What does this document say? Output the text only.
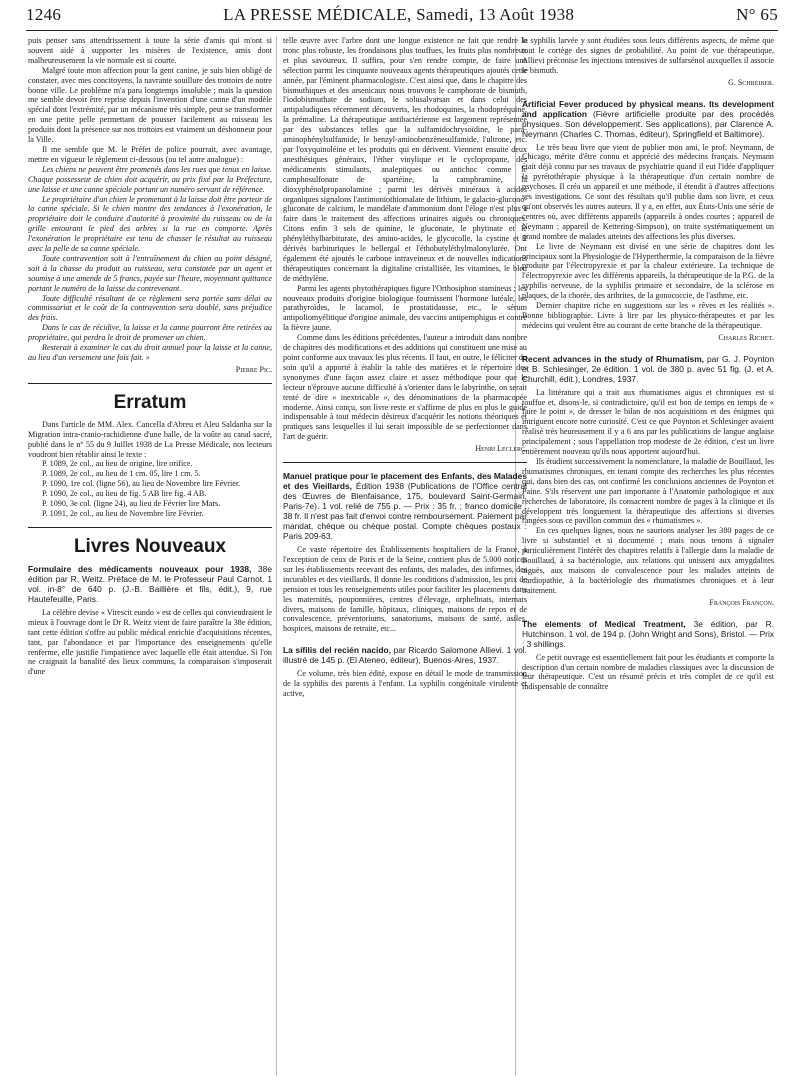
1246	LA PRESSE MÉDICALE, Samedi, 13 Août 1938	N° 65

puis penser sans attendrissement à toute la série d'amis qui m'ont si souvent aidé à supporter les misères de l'existence, amis dont malheureusement la vie normale est si courte.

Malgré toute mon affection pour la gent canine, je suis bien obligé de constater, avec mes concitoyens, la navrante souillure des trottoirs de notre bonne ville. Le problème m'a paru longtemps insoluble ; mais la question me semble devoir être reprise depuis l'invention d'une canne d'un modèle spécial dont l'extrémité, par un mécanisme très simple, peut se transformer en une petite pelle permettant de pousser facilement au ruisseau les produits dont la présence sur nos trottoirs est vraiment un déshonneur pour la Ville.

Il me semble que M. le Préfet de police pourrait, avec avantage, mettre en vigueur le règlement ci-dessous (ou tel autre analogue) :

Les chiens ne peuvent être promenés dans les rues que tenus en laisse. Chaque possesseur de chien doit acquérir, au prix fixé par la Préfecture, une laisse et une canne spéciale portant un numéro servant de référence.

Le propriétaire d'un chien le promenant à la laisse doit être porteur de la canne spéciale. Si le chien montre des tendances à l'exonération, le propriétaire doit le conduire d'autorité à proximité du ruisseau ou de la grille entourant le pied des arbres si la rue en comporte. Après l'exonération le propriétaire est tenu de chasser le résultat au ruisseau avec la pelle de sa canne spéciale.

Toute contravention soit à l'entraînement du chien au point désigné, soit à la chasse du produit au ruisseau, sera constatée par un agent et soumise à une amende de 5 francs, payée sur l'heure, moyennant quittance portant le numéro de la laisse du contrevenant.

Toute difficulté résultant de ce règlement sera portée sans délai au commissariat et le coût de la contravention sera doublé, sans préjudice des frais.

Dans le cas de récidive, la laisse et la canne pourront être retirées au propriétaire, qui perdra le droit de promener un chien.

Resterait à examiner le cas du droit annuel pour la laisse et la canne, au lieu d'un versement une fois fait. »

Pierre Pic.

Erratum

Dans l'article de MM. Alex. Cancella d'Abreu et Aleu Saldanha sur la Migration intra-cranio-rachidienne d'une balle, de la voûte au canal sacré, publié dans le n° 55 du 9 Juillet 1938 de La Presse Médicale, nos lecteurs voudront bien rétablir ainsi le texte :

P. 1089, 2e col., au lieu de origine, lire orifice.

P. 1089, 2e col., au lieu de 1 cm. 05, lire 1 cm. 5.

P. 1090, 1re col. (ligne 56), au lieu de Novembre lire Février.

P. 1090, 2e col., au lieu de fig. 5 AB lire fig. 4 AB.

P. 1090, 3e col. (ligne 24), au lieu de Février lire Mars.

P. 1091, 2e col., au lieu de Novembre lire Février.

Livres Nouveaux
Formulaire des médicaments nouveaux pour 1938, 38e édition par R. Weitz. Préface de M. le Professeur Paul Carnot. 1 vol. in-8° de 640 p. (J.-B. Baillière et fils, édit.), 9, rue Hautefeuille, Paris.

La célèbre devise « Virescit eundo » est de celles qui conviendraient le mieux à l'ouvrage dont le Dr R. Weitz vient de faire paraître la 38e édition, tant cette édition s'offre au public médical enrichie d'acquisitions récentes, tant, par l'abondance et par l'importance des enseignements qu'elle renferme, elle justifie l'impatience avec laquelle elle était attendue. Si l'on ne craignait la banalité des lieux communs, la comparaison s'imposerait d'une

telle œuvre avec l'arbre dont une longue existence ne fait que rendre le tronc plus robuste, les frondaisons plus touffues, les fruits plus nombreux et plus savoureux. Il suffira, pour s'en rendre compte, de faire une sélection parmi les cinquante nouveaux agents thérapeutiques ajoutés cette année, par l'éminent pharmacologiste. C'est ainsi que, dans le chapitre des bismuthiques et des arsenicaux nous trouvons le camphorate de bismuth, l'iodobismuthate de sodium, le solusalvarsan et dans celui des antipaludiques récemment découverts, les rhodoquines, la rhodopréquine, la prémaline. La thérapeutique antibactérienne est largement représentée par des substances telles que la sulfamidochrysoïdine, le para-aminophénylsulfamide, le benzyl-aminobenzènesulfamide, l'ultrone, etc. par l'oxyquinoléine et les produits qui en dérivent. Viennent ensuite deux anesthésiques généraux, l'éther vinylique et le cyclopropane, des médicaments stimulants, analeptiques ou antichoc comme le camphosulfonate de spartéine, la camphramine, la dioxyphénolpropanolamine ; parmi les dérivés minéraux à acides organiques signalons l'antimoniothiomalate de lithium, le galacto-glucono-gluconate de calcium, le mandélate d'ammonium dont l'éloge n'est plus à faire dans le traitement des affections urinaires aiguës ou chroniques. Citons enfin 3 sels de quinine, le gluconate, le phytinate et le phényléthylbarbiturate, des amino-acides, le glycocolle, la cystine et 2 dérivés barbituriques le bellergal et l'éthobutyléthylmalonylurée. Ont également été ajoutés le carbone intraveineux et de nouvelles indications thérapeutiques concernant la digitaline cristallisée, les vitamines, le bleu de méthylène.

Parmi les agents phytothérapiques figure l'Orthosiphon stamineus ; les nouveaux produits d'origine biologique fournissent l'hormone lutéale, les parathyroïdes, le lacarnol, le prostatidausse, etc., le sérum antipoliomyélitique d'origine animale, des vaccins antipemphigus et contre la fièvre jaune.

Comme dans les éditions précédentes, l'auteur a introduit dans nombre de chapitres des modifications et des additions qui constituent une mise au point conforme aux travaux les plus récents. Il faut, en outre, le féliciter du soin qu'il a apporté à établir la table des matières et le répertoire des synonymes d'une façon assez claire et assez méthodique pour que le lecteur n'éprouve aucune difficulté à s'orienter dans le labyrinthe, on serait tenté de dire « inextricable », des dénominations de la pharmacopée moderne. Ainsi conçu, son livre reste et s'affirme de plus en plus le guide indispensable à tout médecin désireux d'acquérir les notions théoriques et pratiques sans lesquelles il lui serait impossible de se perfectionner dans l'art de guérir.

Henri Leclerc.

Manuel pratique pour le placement des Enfants, des Malades et des Vieillards, Édition 1938 (Publications de l'Office central des Œuvres de Bienfaisance, 175, boulevard Saint-Germain, Paris-7e). 1 vol. relié de 755 p. — Prix : 35 fr. ; franco domicile : 38 fr. Il n'est pas fait d'envoi contre remboursement. Paiement par mandat, chèque ou chèque postal. Compte chèques postaux : Paris 209-63.

Ce vaste répertoire des Établissements hospitaliers de la France, à l'exception de ceux de Paris et de la Seine, contient plus de 5.000 notices sur les établissements recevant des enfants, des malades, des infirmes, des incurables et des vieillards. Il donne les conditions d'admission, les prix de pension et tous les renseignements utiles pour faciliter les placements dans les maternités, pouponnières, centres d'élevage, orphelinats, internats divers, maisons de famille, hôpitaux, cliniques, maisons de repos et de convalescence, préventoriums, sanatoriums, maisons de santé, asiles, hospices, maisons de retraite, etc...

La sífilis del recién nacido, par Ricardo Salomone Allievi. 1 vol. illustré de 145 p. (El Ateneo, éditeur), Buenos-Aires, 1937.

Ce volume, très bien édité, expose en détail le mode de transmission de la syphilis des parents à l'enfant. La syphilis congénitale virulente et active,

la syphilis larvée y sont étudiées sous leurs différents aspects, de même que tout le cortège des signes de probabilité. Au point de vue thérapeutique, Allievi préconise les injections intensives de sulfarsénol auxquelles il associe le bismuth.

G. Schreiber.

Artificial Fever produced by physical means. Its development and application (Fièvre artificielle produite par des procédés physiques. Son développement. Ses applications), par Clarence A. Neymann (Charles C. Thomas, éditeur), Springfield et Baltimore).

Le très beau livre que vient de publier mon ami, le prof. Neymann, de Chicago, mérite d'être connu et apprécié des médecins français. Neymann était déjà connu par ses travaux de psychiatrie quand il eut l'idée d'appliquer la pyrétothérapie physique à la thérapeutique d'un certain nombre de psychoses. Il créa un appareil et une méthode, il étendit à d'autres affections ses investigations. Ce sont des résultats qu'il publie dans son livre, et ceux qu'ont observés les autres auteurs. Il y a, en effet, aux États-Unis une série de centres où, avec différents appareils (appareils à ondes courtes ; appareil de Neymann ; appareil de Kettering-Simpson), on traite systématiquement un grand nombre de malades atteints des affections les plus diverses.

Le livre de Neymann est divisé en une série de chapitres dont les principaux sont la Physiologie de l'Hyperthermie, la comparaison de la fièvre produite par l'électropyrexie et par la chaleur extérieure. La technique de l'électropyrexie avec les différents appareils, la thérapeutique de la P.G. de la syphilis nerveuse, de la syphilis primaire et secondaire, de la sclérose en plaques, de la chorée, des arthrites, de la gonococcie, de l'asthme, etc.

Dernier chapitre riche en suggestions sur les « rêves et les réalités ». Bonne bibliographie. Livre à lire par les physico-thérapeutes et par les médecins qui veulent être au courant de cette branche de la thérapeutique.

Charles Richet.

Recent advances in the study of Rhumatism, par G. J. Poynton et B. Schlesinger, 2e édition. 1 vol. de 380 p. avec 51 fig. (J. et A. Churchill, édit.), Londres, 1937.

La littérature qui a trait aux rhumatismes aigus et chroniques est si touffue et, disons-le, si contradictoire, qu'il est bon de temps en temps de « faire le point », de dresser le bilan de nos acquisitions et des énigmes qui intriguent encore notre curiosité. C'est ce que Poynton et Schlesinger avaient réalisé très heureusement il y a 6 ans par les publications de langue anglaise principalement ; sous l'appellation trop modeste de 2e édition, c'est un livre entièrement nouveau qu'ils nous apportent aujourd'hui.

Ils étudient successivement la nomenclature, la maladie de Bouillaud, les rhumatismes chroniques, en tenant compte des recherches les plus récentes qui, dans bien des cas, ont confirmé les conclusions anciennes de Poynton et Paine. S'ils réservent une part importante à l'Anatomie pathologique et aux recherches de laboratoire, ils consacrent nombre de pages à la clinique et ils développent très longuement la thérapeutique des affections si diverses rangées sous ce pavillon commun des « rhumatismes ».

En ces quelques lignes, nous ne saurions analyser les 380 pages de ce livre si substantiel et si documenté ; mais nous tenons à signaler particulièrement l'intérêt des chapitres relatifs à l'allergie dans la maladie de Bouillaud, à sa bactériologie, aux relations qui unissent aux amygdalites aiguës, aux maisons de convalescence pour les malades atteints de cardiopathie, à la bactériologie des rhumatismes chroniques et à leur traitement.

François Françon.

The elements of Medical Treatment, 3e édition, par R. Hutchinson. 1 vol. de 194 p. (John Wright and Sons), Bristol. — Prix : 3 shillings.

Ce petit ouvrage est essentiellement fait pour les étudiants et comporte la description d'un certain nombre de maladies classiques avec la discussion de leur thérapeutique. C'est un résumé précis et très complet de ce qu'il est indispensable de connaître
